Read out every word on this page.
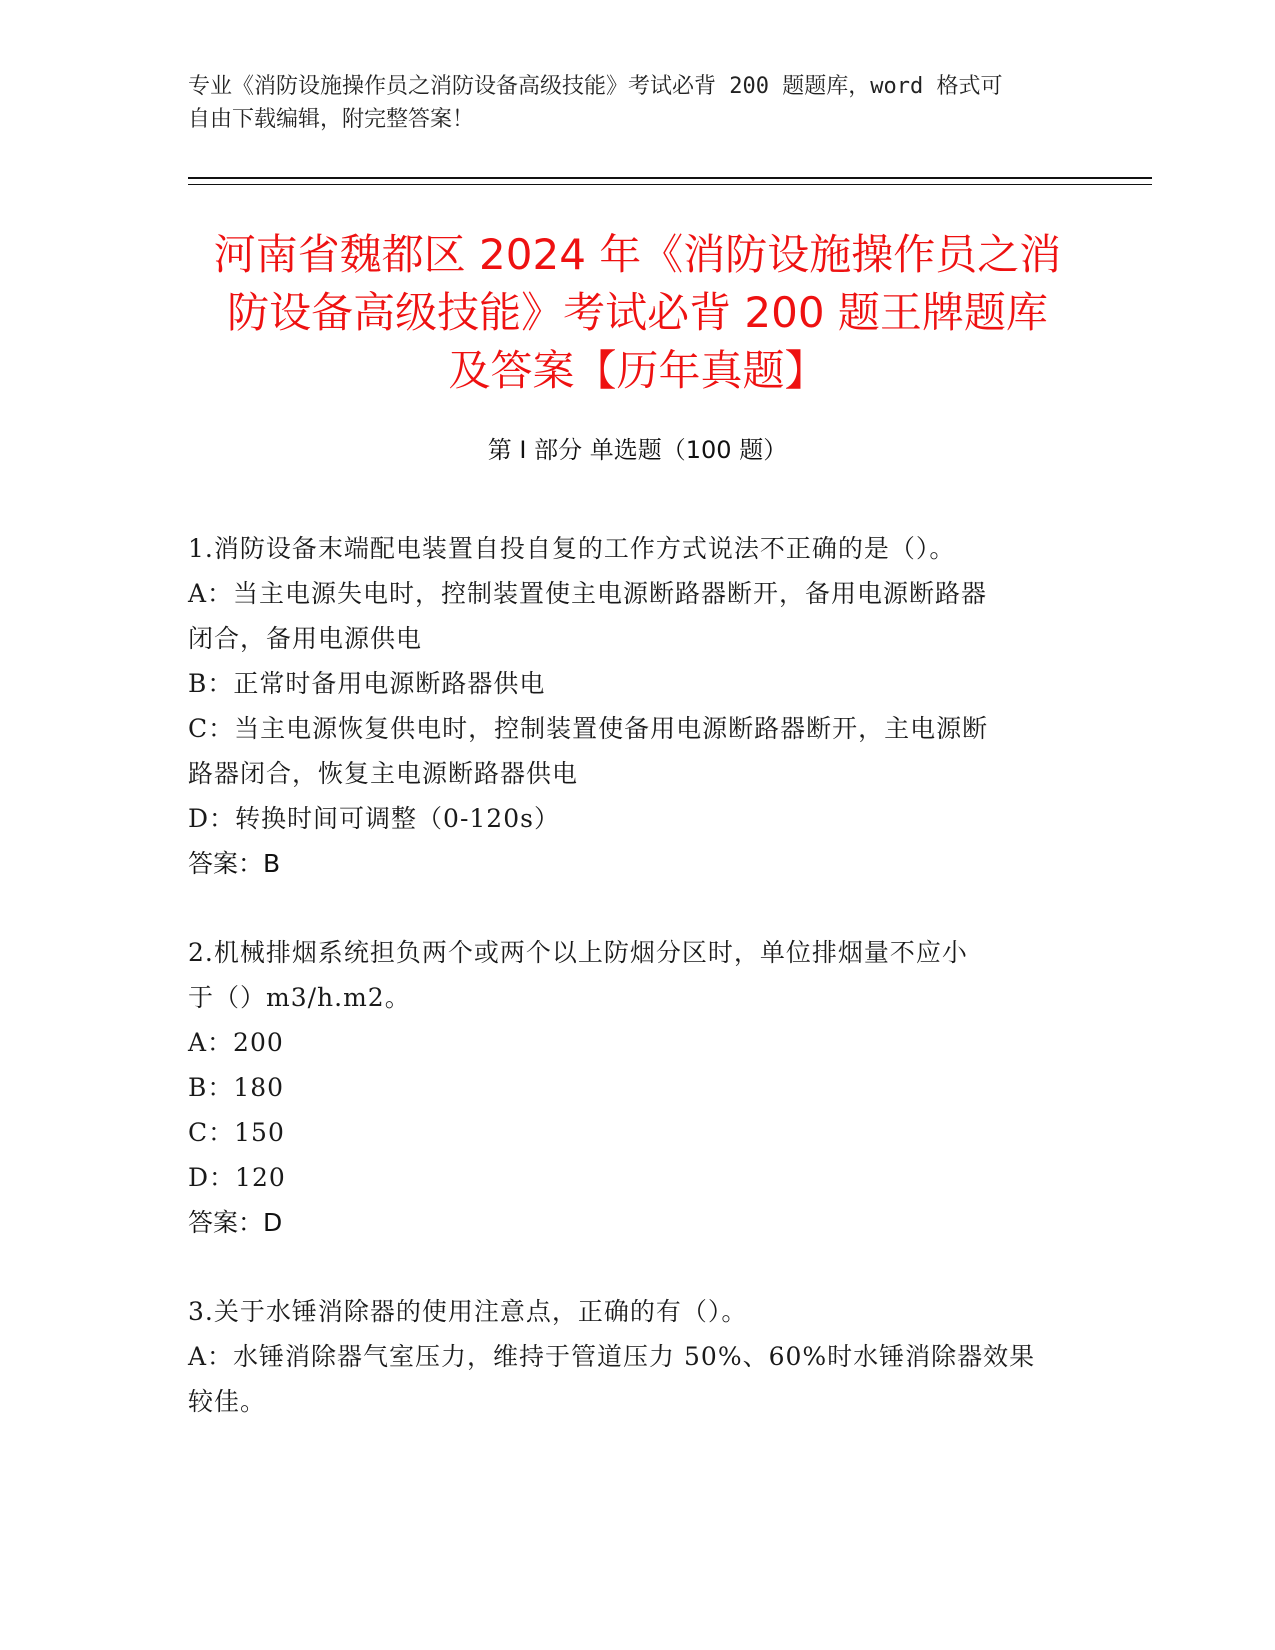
专业《消防设施操作员之消防设备高级技能》考试必背 200 题题库，word 格式可
自由下载编辑，附完整答案！
河南省魏都区 2024 年《消防设施操作员之消
防设备高级技能》考试必背 200 题王牌题库
及答案【历年真题】
第 I 部分 单选题（100 题）
1.消防设备末端配电装置自投自复的工作方式说法不正确的是（）。
A：当主电源失电时，控制装置使主电源断路器断开，备用电源断路器
闭合，备用电源供电
B：正常时备用电源断路器供电
C：当主电源恢复供电时，控制装置使备用电源断路器断开，主电源断
路器闭合，恢复主电源断路器供电
D：转换时间可调整（0-120s）
答案：B
2.机械排烟系统担负两个或两个以上防烟分区时，单位排烟量不应小
于（）m3/h.m2。
A：200
B：180
C：150
D：120
答案：D
3.关于水锤消除器的使用注意点，正确的有（）。
A：水锤消除器气室压力，维持于管道压力 50%、60%时水锤消除器效果
较佳。
